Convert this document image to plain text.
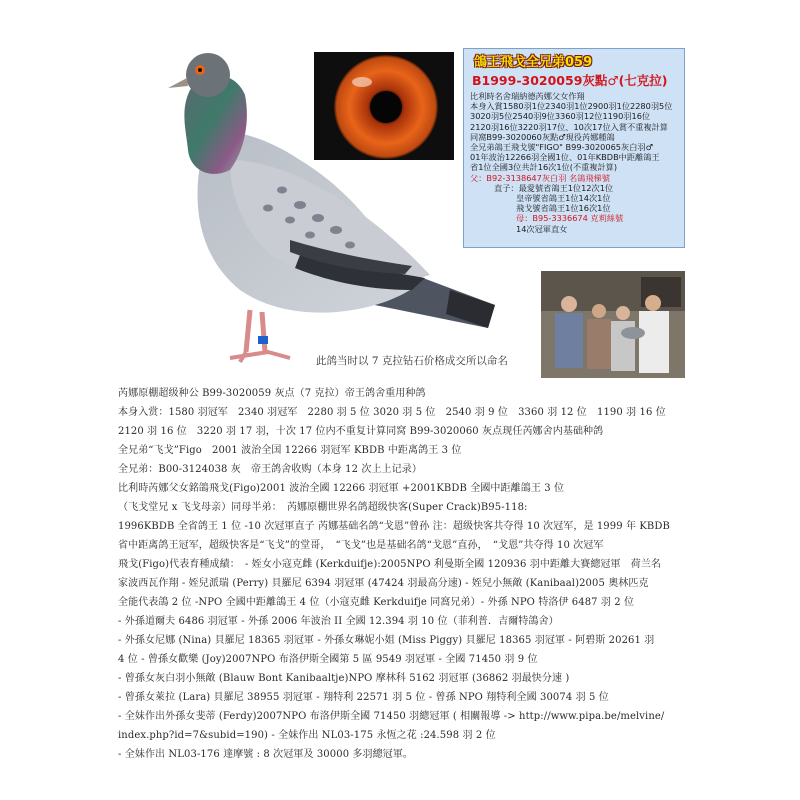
鴿王飛戈全兄弟059
B1999-3020059灰點♂(七克拉)
比利時名舍瑞納德芮娜父女作翔
本身入賞1580羽1位2340羽1位2900羽1位2280羽5位
3020羽5位2540羽9位3360羽12位1190羽16位
2120羽16位3220羽17位、10次17位入賞不重複計算
同窩B99-3020060灰點♂現役芮娜種鴿
全兄弟鴿王飛戈號"FIGO" B99-3020065灰白羽♂
01年波治12266羽全國1位、01年KBDB中距離鴿王
省1位全國3位共計16次1位(不重複計算)
父：B92-3138647灰白羽 名鴿飛梯號
直子：最愛號省鴿王1位12次1位
皇帝號省鴿王1位14次1位
飛戈號省鴿王1位16次1位
母：B95-3336674 克莉絲號
14次冠軍直女
此鸽当时以 7 克拉钻石价格成交所以命名

芮娜原棚超级种公 B99-3020059 灰点（7 克拉）帝王鸽舍重用种鸽

本身入赏：1580 羽冠军　2340 羽冠军　2280 羽 5 位 3020 羽 5 位　2540 羽 9 位　3360 羽 12 位　1190 羽 16 位

2120 羽 16 位　3220 羽 17 羽，十次 17 位内不重复计算同窝 B99-3020060 灰点现任芮娜舍内基础种鸽

全兄弟“飞戈”Figo　2001 波治全国 12266 羽冠军 KBDB 中距离鸽王 3 位

全兄弟：B00-3124038 灰　帝王鸽舍收购（本身 12 次上上记录）

比利時芮娜父女銘鴿飛戈(Figo)2001 波治全國 12266 羽冠軍 +2001KBDB 全國中距離鴿王 3 位

（飞戈堂兄 x 飞戈母亲）同母半弟：　芮娜原棚世界名鸽超级快客(Super Crack)B95-118:

1996KBDB 全省鸽王 1 位 -10 次冠軍直子 芮娜基础名鸽“戈恩”曾孙 注：超级快客共夺得 10 次冠军，是 1999 年 KBDB

省中距离鸽王冠军，超级快客是“飞戈”的堂哥，　“飞戈”也是基础名鸽“戈恩”直孙，　“戈恩”共夺得 10 次冠军

飛戈(Figo)代表育種成績：　- 姪女小寇克雌 (Kerkduifje):2005NPO 利曼斯全國 120936 羽中距離大賽總冠軍　荷兰名

家波西瓦作翔 - 姪兒派瑞 (Perry) 貝羅尼 6394 羽冠軍 (47424 羽最高分速) - 姪兒小無敵 (Kanibaal)2005 奧林匹克

全能代表鴿 2 位 -NPO 全國中距離鴿王 4 位（小寇克雌 Kerkduifje 同窩兄弟）- 外孫 NPO 特洛伊 6487 羽 2 位

- 外孫道爾夫 6486 羽冠軍 - 外孫 2006 年波治 II 全國 12.394 羽 10 位（菲利普．吉爾特鴿舍）

- 外孫女尼娜 (Nina) 貝羅尼 18365 羽冠軍 - 外孫女琳妮小姐 (Miss Piggy) 貝羅尼 18365 羽冠軍 - 阿碧斯 20261 羽

4 位 - 曾孫女歡樂 (Joy)2007NPO 布洛伊斯全國第 5 區 9549 羽冠軍 - 全國 71450 羽 9 位

- 曾孫女灰白羽小無敵 (Blauw Bont Kanibaaltje)NPO 摩林科 5162 羽冠軍 (36862 羽最快分速 )

- 曾孫女萊拉 (Lara) 貝羅尼 38955 羽冠軍 - 翔特利 22571 羽 5 位 - 曾孫 NPO 翔特利全國 30074 羽 5 位

- 全妹作出外孫女斐蒂 (Ferdy)2007NPO 布洛伊斯全國 71450 羽總冠軍 ( 相關報導 -> http://www.pipa.be/melvine/

index.php?id=7&subid=190) - 全妹作出 NL03-175 永恆之花 :24.598 羽 2 位

- 全妹作出 NL03-176 達摩號 : 8 次冠軍及 30000 多羽總冠軍。
